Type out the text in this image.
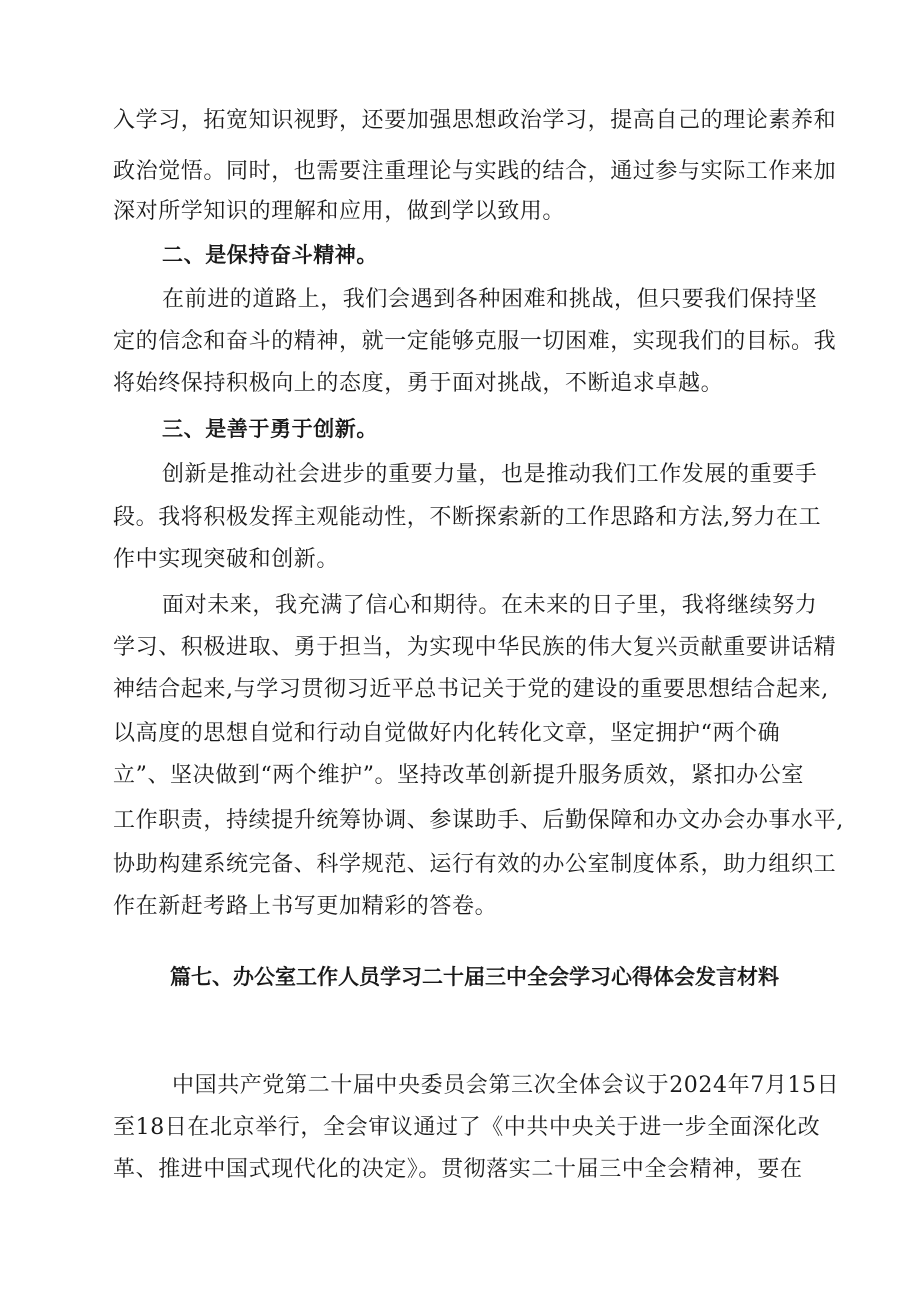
入学习，拓宽知识视野，还要加强思想政治学习，提高自己的理论素养和
政治觉悟。同时，也需要注重理论与实践的结合，通过参与实际工作来加
深对所学知识的理解和应用，做到学以致用。
二、是保持奋斗精神。
在前进的道路上，我们会遇到各种困难和挑战，但只要我们保持坚
定的信念和奋斗的精神，就一定能够克服一切困难，实现我们的目标。我
将始终保持积极向上的态度，勇于面对挑战，不断追求卓越。
三、是善于勇于创新。
创新是推动社会进步的重要力量，也是推动我们工作发展的重要手
段。我将积极发挥主观能动性，不断探索新的工作思路和方法,努力在工
作中实现突破和创新。
面对未来，我充满了信心和期待。在未来的日子里，我将继续努力
学习、积极进取、勇于担当，为实现中华民族的伟大复兴贡献重要讲话精
神结合起来,与学习贯彻习近平总书记关于党的建设的重要思想结合起来,
以高度的思想自觉和行动自觉做好内化转化文章，坚定拥护“两个确
立”、坚决做到“两个维护”。坚持改革创新提升服务质效，紧扣办公室
工作职责，持续提升统筹协调、参谋助手、后勤保障和办文办会办事水平,
协助构建系统完备、科学规范、运行有效的办公室制度体系，助力组织工
作在新赶考路上书写更加精彩的答卷。
篇七、办公室工作人员学习二十届三中全会学习心得体会发言材料
中国共产党第二十届中央委员会第三次全体会议于2024年7月15日
至18日在北京举行，全会审议通过了《中共中央关于进一步全面深化改
革、推进中国式现代化的决定》。贯彻落实二十届三中全会精神，要在
